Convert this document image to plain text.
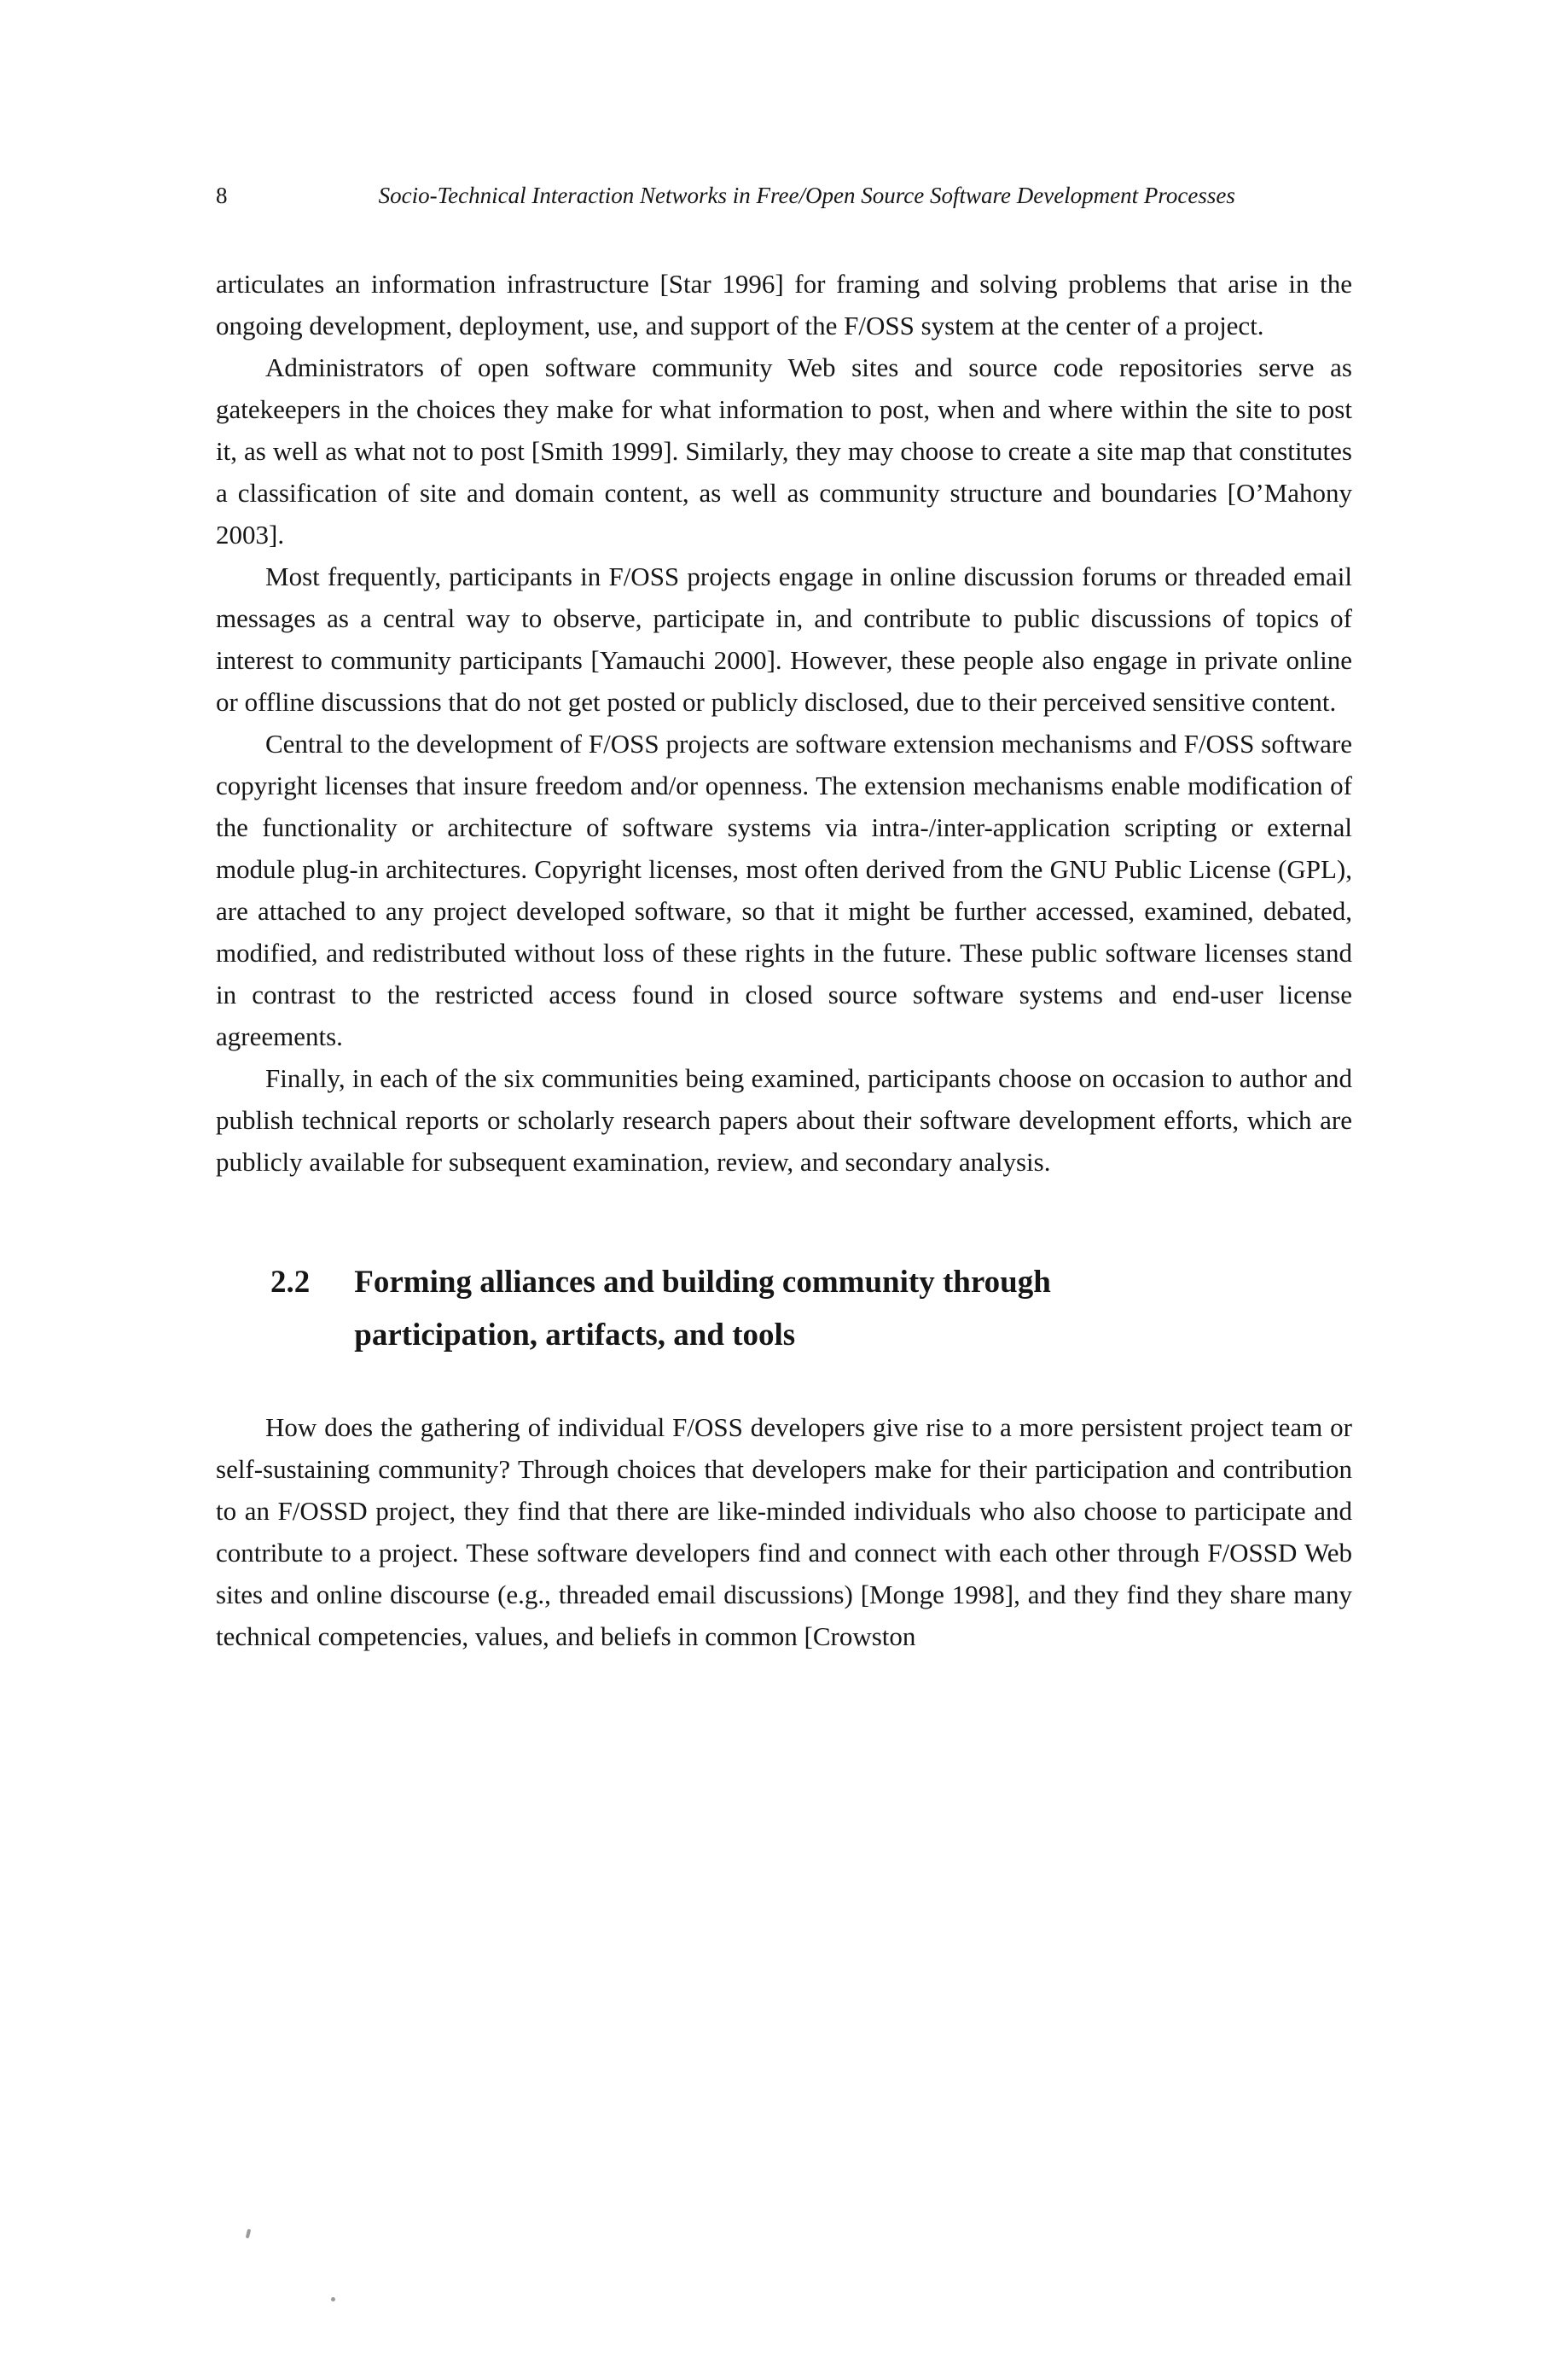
8	Socio-Technical Interaction Networks in Free/Open Source Software Development Processes

articulates an information infrastructure [Star 1996] for framing and solving problems that arise in the ongoing development, deployment, use, and support of the F/OSS system at the center of a project.

Administrators of open software community Web sites and source code repositories serve as gatekeepers in the choices they make for what information to post, when and where within the site to post it, as well as what not to post [Smith 1999]. Similarly, they may choose to create a site map that constitutes a classification of site and domain content, as well as community structure and boundaries [O’Mahony 2003].

Most frequently, participants in F/OSS projects engage in online discussion forums or threaded email messages as a central way to observe, participate in, and contribute to public discussions of topics of interest to community participants [Yamauchi 2000]. However, these people also engage in private online or offline discussions that do not get posted or publicly disclosed, due to their perceived sensitive content.

Central to the development of F/OSS projects are software extension mechanisms and F/OSS software copyright licenses that insure freedom and/or openness. The extension mechanisms enable modification of the functionality or architecture of software systems via intra-/inter-application scripting or external module plug-in architectures. Copyright licenses, most often derived from the GNU Public License (GPL), are attached to any project developed software, so that it might be further accessed, examined, debated, modified, and redistributed without loss of these rights in the future. These public software licenses stand in contrast to the restricted access found in closed source software systems and end-user license agreements.

Finally, in each of the six communities being examined, participants choose on occasion to author and publish technical reports or scholarly research papers about their software development efforts, which are publicly available for subsequent examination, review, and secondary analysis.

2.2 Forming alliances and building community through
participation, artifacts, and tools

How does the gathering of individual F/OSS developers give rise to a more persistent project team or self-sustaining community? Through choices that developers make for their participation and contribution to an F/OSSD project, they find that there are like-minded individuals who also choose to participate and contribute to a project. These software developers find and connect with each other through F/OSSD Web sites and online discourse (e.g., threaded email discussions) [Monge 1998], and they find they share many technical competencies, values, and beliefs in common [Crowston
